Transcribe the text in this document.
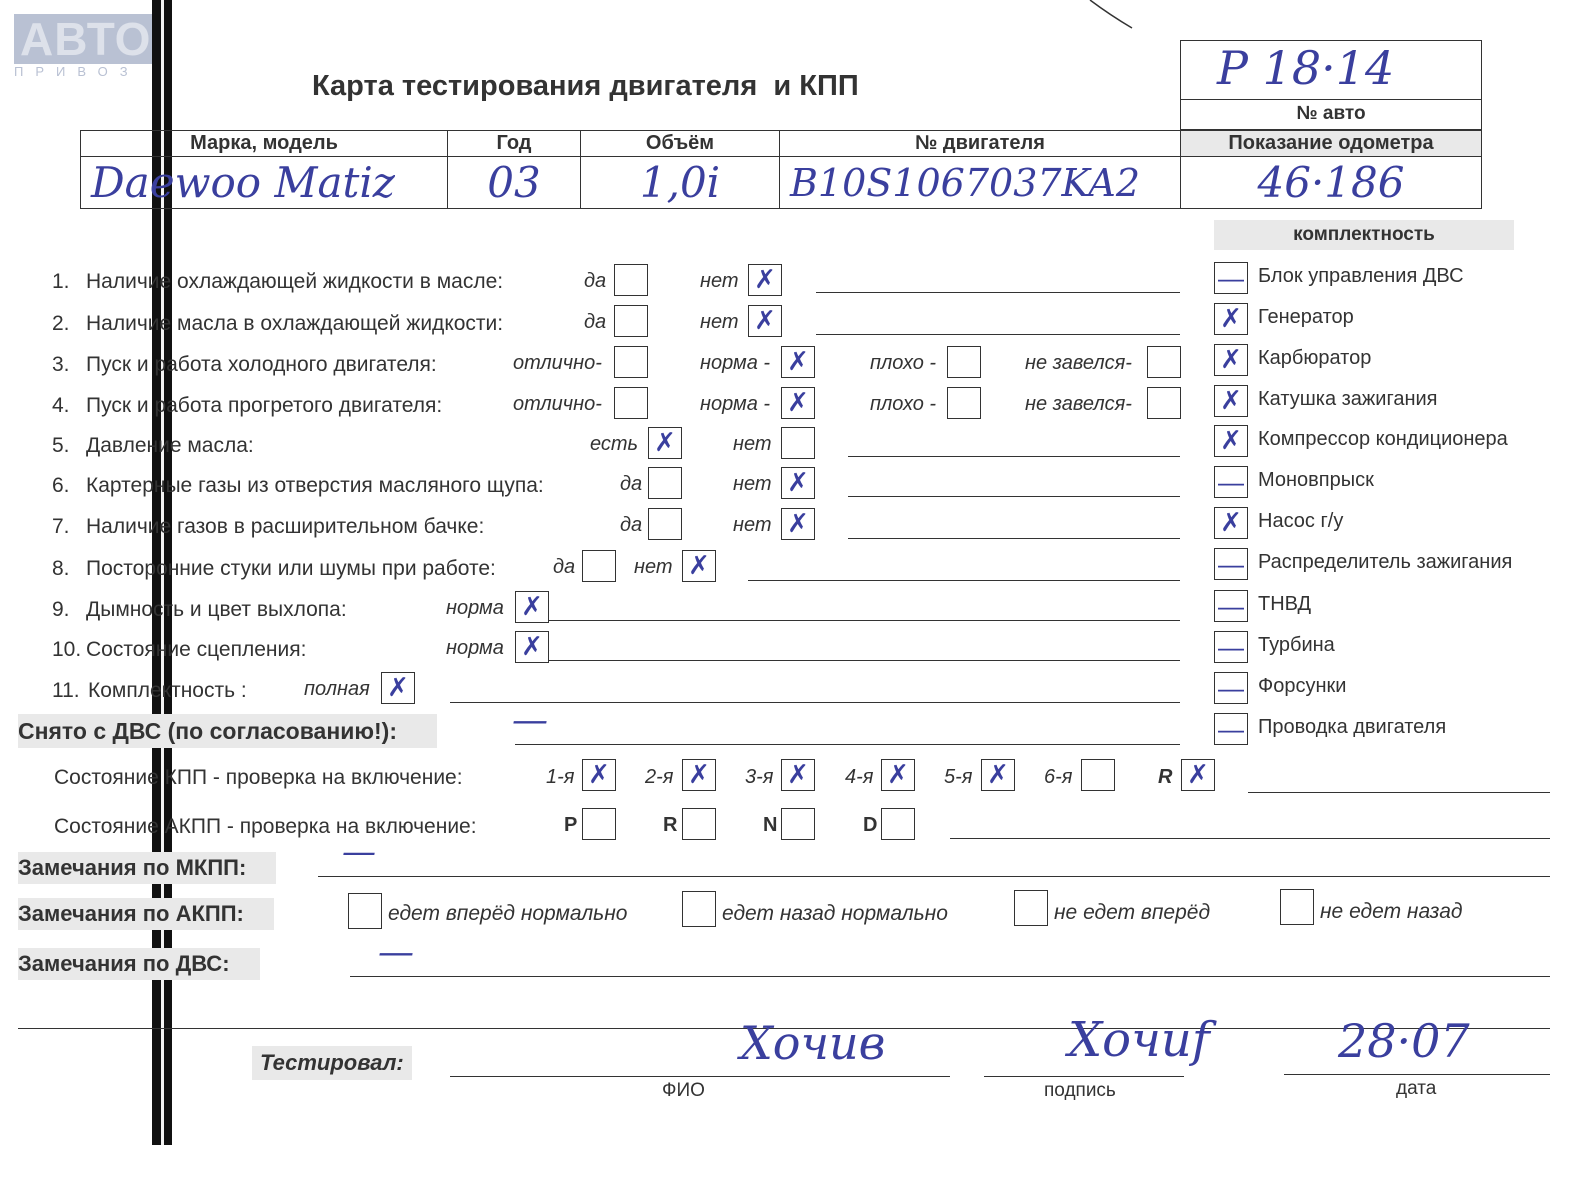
АВТО
ПРИВОЗ	Карта тестирования двигателя  и КПП	Р 18·14
№ авто
Марка, модель	Год	Объём	№ двигателя	Показание одометра

Daewoo Matiz	03	1,0i	B10S1067037KA2	46·186
комплектность
— Блок управления ДВС
✗ Генератор
✗ Карбюратор
✗ Катушка зажигания
✗ Компрессор кондиционера
— Моновпрыск
✗ Насос г/у
— Распределитель зажигания
— ТНВД
— Турбина
— Форсунки
— Проводка двигателя
1. Наличие охлаждающей жидкости в масле:	да	нет ✗
2. Наличие масла в охлаждающей жидкости:	да	нет ✗
3. Пуск и работа холодного двигателя:	отлично-	норма - ✗	плохо -	не завелся-
4. Пуск и работа прогретого двигателя:	отлично-	норма - ✗	плохо -	не завелся-
5. Давление масла:	есть ✗	нет
6. Картерные газы из отверстия масляного щупа:	да	нет ✗
7. Наличие газов в расширительном бачке:	да	нет ✗
8. Посторонние стуки или шумы при работе:	да	нет ✗
9. Дымность и цвет выхлопа:	норма ✗
10. Состояние сцепления:	норма ✗
11. Комплектность :	полная ✗
Снято с ДВС (по согласованию!):	—
Состояние КПП - проверка на включение:	1-я ✗	2-я ✗	3-я ✗	4-я ✗	5-я ✗	6-я	R ✗
Состояние АКПП - проверка на включение:	P	R	N	D
—
Замечания по МКПП:
Замечания по АКПП:	едет вперёд нормально	едет назад нормально	не едет вперёд	не едет назад
Замечания по ДВС:	—
Тестировал:	Хочив
ФИО
Хочиf
подпись
28·07
дата
